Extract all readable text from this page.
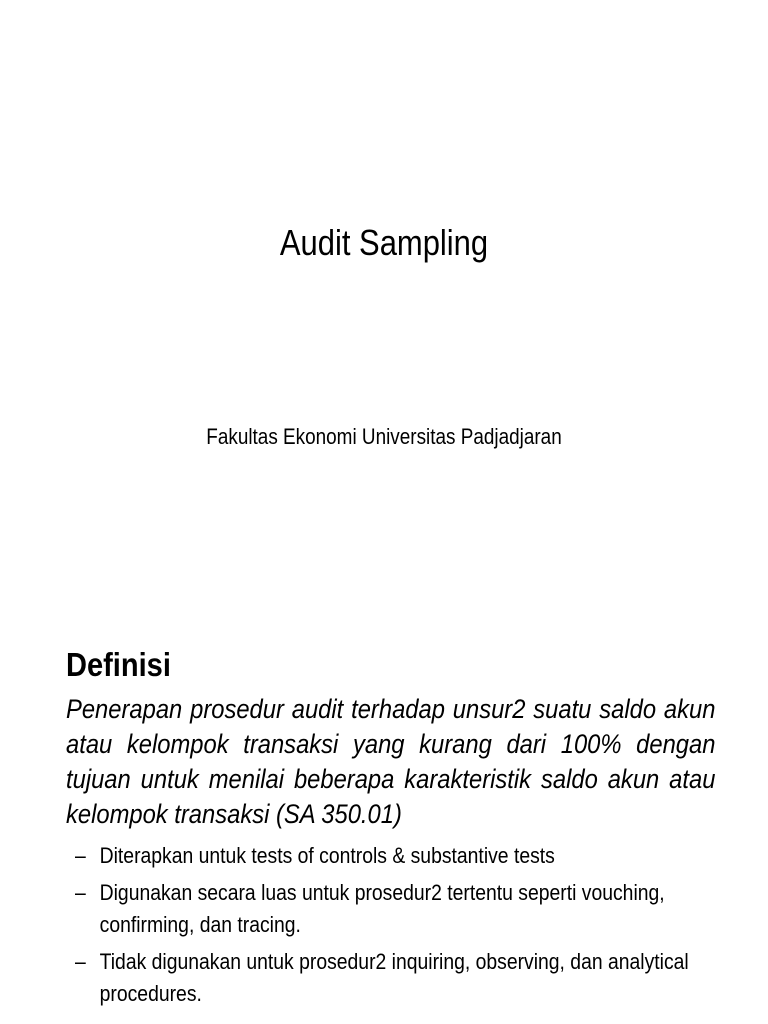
Audit Sampling
Fakultas Ekonomi Universitas Padjadjaran
Definisi

Penerapan prosedur audit terhadap unsur2 suatu saldo akun atau kelompok transaksi yang kurang dari 100% dengan tujuan untuk menilai beberapa karakteristik saldo akun atau kelompok transaksi (SA 350.01)

– Diterapkan untuk tests of controls & substantive tests
– Digunakan secara luas untuk prosedur2 tertentu seperti vouching, confirming, dan tracing.
– Tidak digunakan untuk prosedur2 inquiring, observing, dan analytical procedures.
